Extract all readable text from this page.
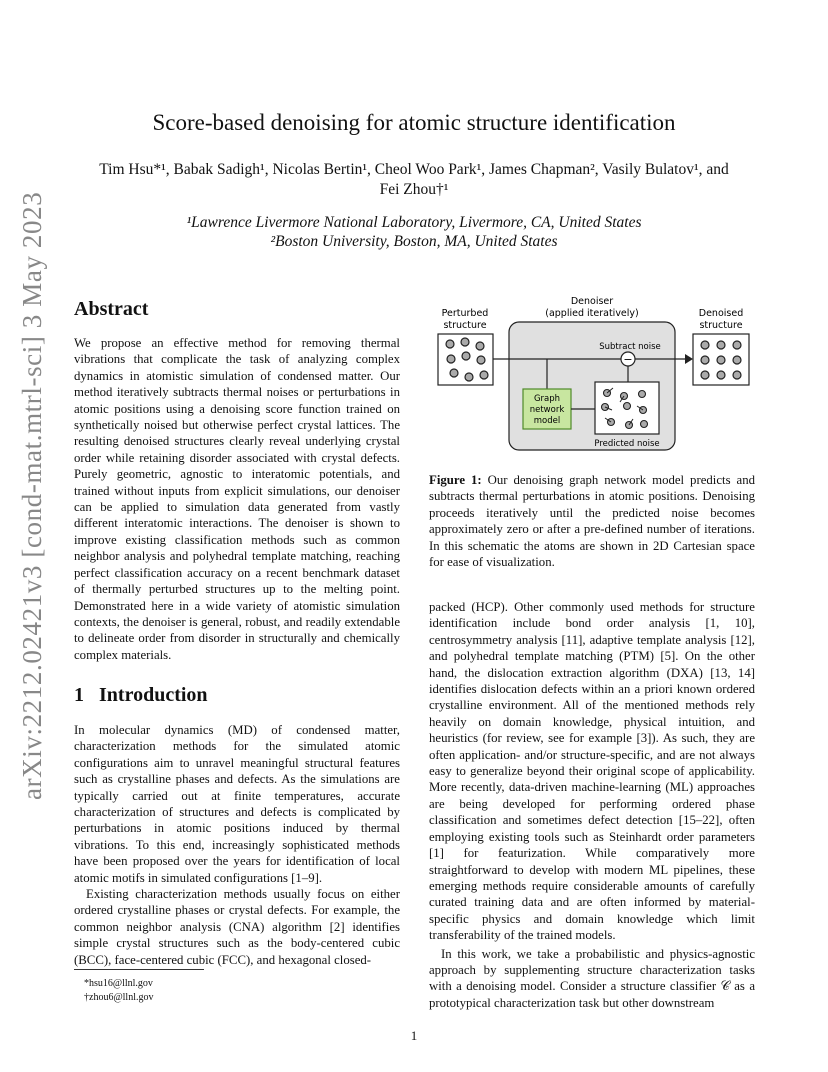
arXiv:2212.02421v3 [cond-mat.mtrl-sci] 3 May 2023
Score-based denoising for atomic structure identification
Tim Hsu*¹, Babak Sadigh¹, Nicolas Bertin¹, Cheol Woo Park¹, James Chapman², Vasily Bulatov¹, and
Fei Zhou†¹
¹Lawrence Livermore National Laboratory, Livermore, CA, United States
²Boston University, Boston, MA, United States
Abstract
We propose an effective method for removing thermal vibrations that complicate the task of analyzing complex dynamics in atomistic simulation of condensed matter. Our method iteratively subtracts thermal noises or perturbations in atomic positions using a denoising score function trained on synthetically noised but otherwise perfect crystal lattices. The resulting denoised structures clearly reveal underlying crystal order while retaining disorder associated with crystal defects. Purely geometric, agnostic to interatomic potentials, and trained without inputs from explicit simulations, our denoiser can be applied to simulation data generated from vastly different interatomic interactions. The denoiser is shown to improve existing classification methods such as common neighbor analysis and polyhedral template matching, reaching perfect classification accuracy on a recent benchmark dataset of thermally perturbed structures up to the melting point. Demonstrated here in a wide variety of atomistic simulation contexts, the denoiser is general, robust, and readily extendable to delineate order from disorder in structurally and chemically complex materials.
1 Introduction

In molecular dynamics (MD) of condensed matter, characterization methods for the simulated atomic configurations aim to unravel meaningful structural features such as crystalline phases and defects. As the simulations are typically carried out at finite temperatures, accurate characterization of structures and defects is complicated by perturbations in atomic positions induced by thermal vibrations. To this end, increasingly sophisticated methods have been proposed over the years for identification of local atomic motifs in simulated configurations [1–9].

Existing characterization methods usually focus on either ordered crystalline phases or crystal defects. For example, the common neighbor analysis (CNA) algorithm [2] identifies simple crystal structures such as the body-centered cubic (BCC), face-centered cubic (FCC), and hexagonal closed-

*hsu16@llnl.gov
†zhou6@llnl.gov
Denoiser
(applied iteratively)
Perturbed
structure
Subtract noise
−
Graph
network
model
Predicted noise
Denoised
structure
Figure 1: Our denoising graph network model predicts and subtracts thermal perturbations in atomic positions. Denoising proceeds iteratively until the predicted noise becomes approximately zero or after a pre-defined number of iterations. In this schematic the atoms are shown in 2D Cartesian space for ease of visualization.

packed (HCP). Other commonly used methods for structure identification include bond order analysis [1, 10], centrosymmetry analysis [11], adaptive template analysis [12], and polyhedral template matching (PTM) [5]. On the other hand, the dislocation extraction algorithm (DXA) [13, 14] identifies dislocation defects within an a priori known ordered crystalline environment. All of the mentioned methods rely heavily on domain knowledge, physical intuition, and heuristics (for review, see for example [3]). As such, they are often application- and/or structure-specific, and are not always easy to generalize beyond their original scope of applicability. More recently, data-driven machine-learning (ML) approaches are being developed for performing ordered phase classification and sometimes defect detection [15–22], often employing existing tools such as Steinhardt order parameters [1] for featurization. While comparatively more straightforward to develop with modern ML pipelines, these emerging methods require considerable amounts of carefully curated training data and are often informed by material-specific physics and domain knowledge which limit transferability of the trained models.

In this work, we take a probabilistic and physics-agnostic approach by supplementing structure characterization tasks with a denoising model. Consider a structure classifier 𝒞 as a prototypical characterization task but other downstream

1
